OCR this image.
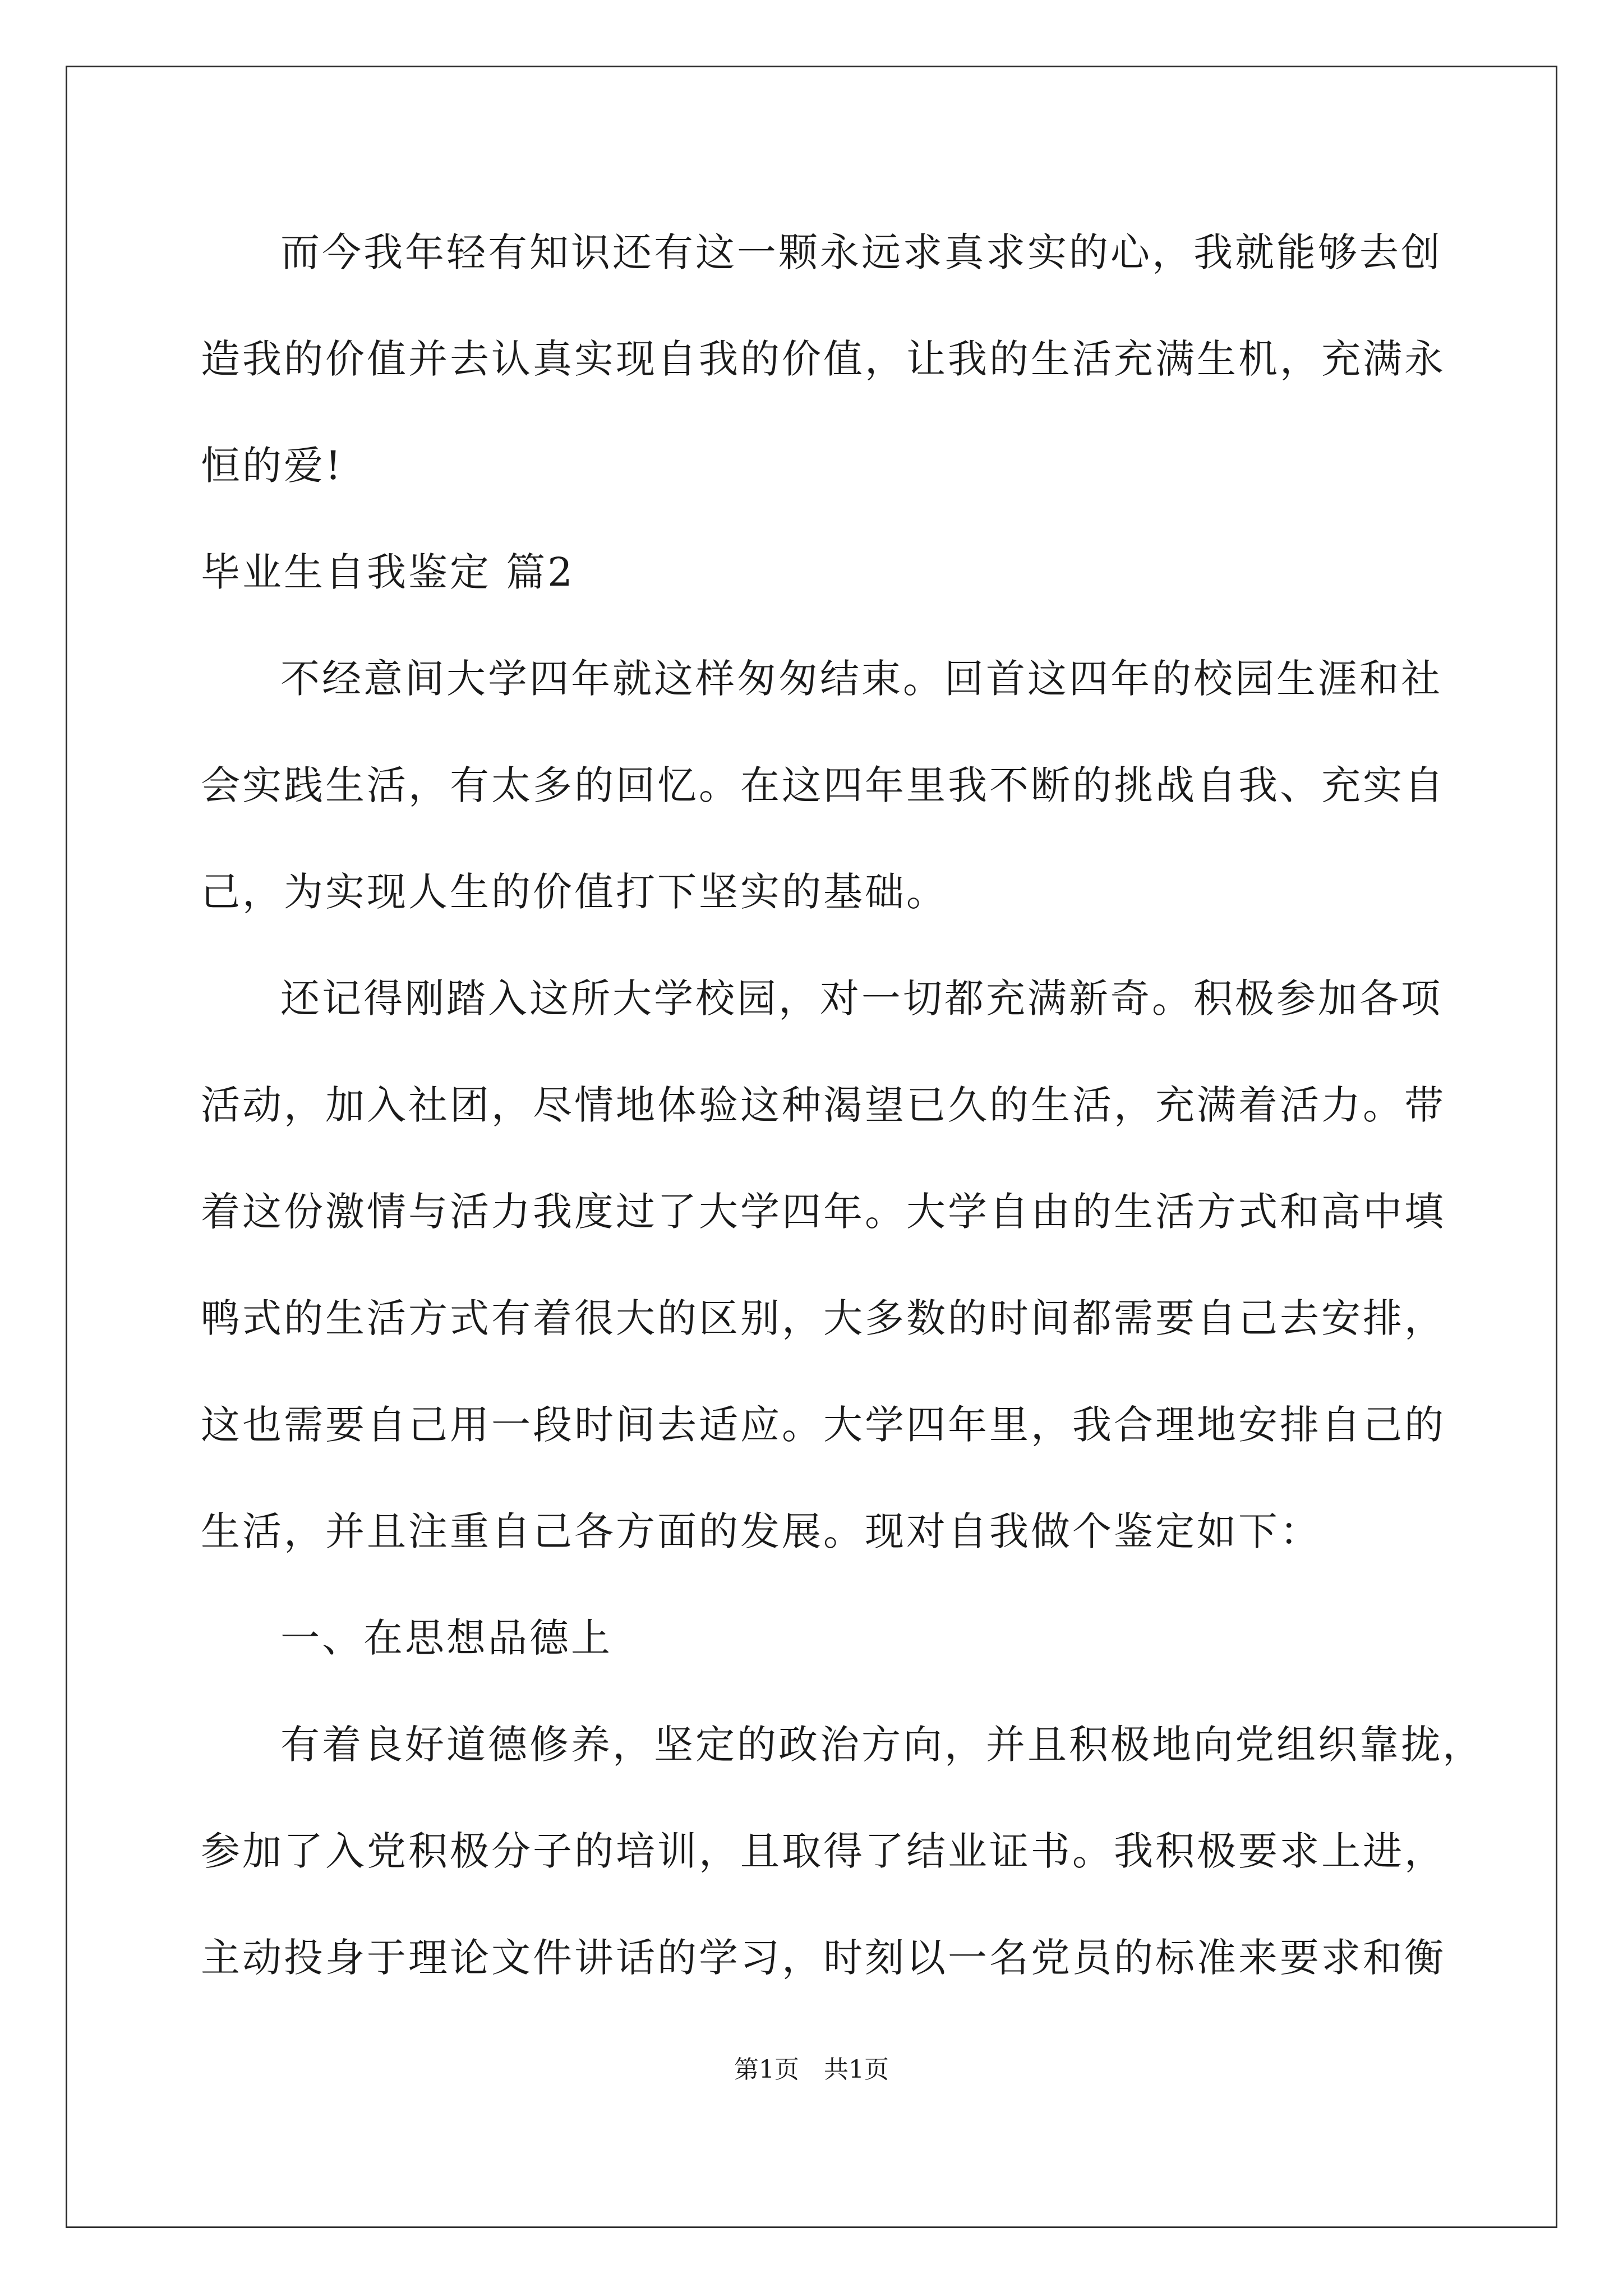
而今我年轻有知识还有这一颗永远求真求实的心，我就能够去创
造我的价值并去认真实现自我的价值，让我的生活充满生机，充满永
恒的爱!
毕业生自我鉴定 篇2
不经意间大学四年就这样匆匆结束。回首这四年的校园生涯和社
会实践生活，有太多的回忆。在这四年里我不断的挑战自我、充实自
己，为实现人生的价值打下坚实的基础。
还记得刚踏入这所大学校园，对一切都充满新奇。积极参加各项
活动，加入社团，尽情地体验这种渴望已久的生活，充满着活力。带
着这份激情与活力我度过了大学四年。大学自由的生活方式和高中填
鸭式的生活方式有着很大的区别，大多数的时间都需要自己去安排，
这也需要自己用一段时间去适应。大学四年里，我合理地安排自己的
生活，并且注重自己各方面的发展。现对自我做个鉴定如下：
一、在思想品德上
有着良好道德修养，坚定的政治方向，并且积极地向党组织靠拢，
参加了入党积极分子的培训，且取得了结业证书。我积极要求上进，
主动投身于理论文件讲话的学习，时刻以一名党员的标准来要求和衡
第1页 共1页
